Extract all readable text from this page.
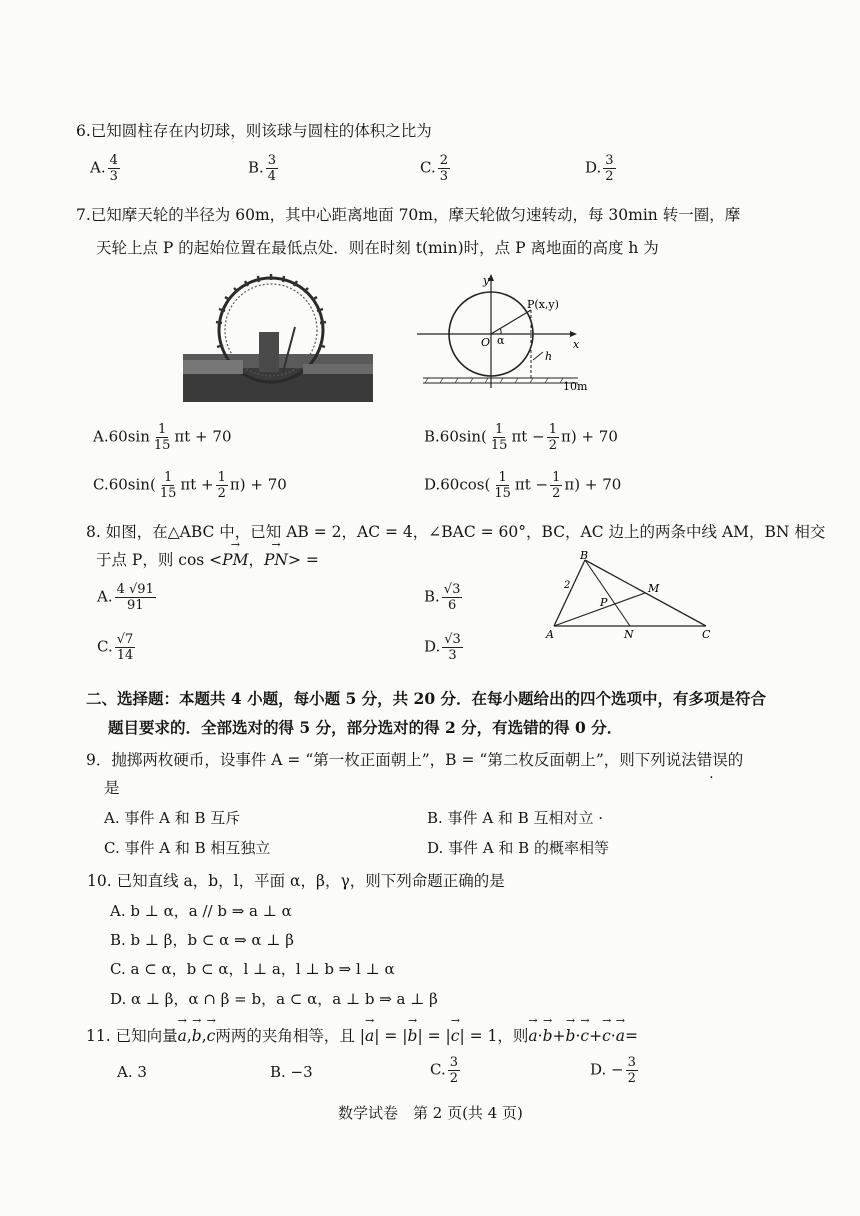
6.已知圆柱存在内切球，则该球与圆柱的体积之比为
A. $\frac{4}{3}$	B. $\frac{3}{4}$	C. $\frac{2}{3}$	D. $\frac{3}{2}$
7.已知摩天轮的半径为 60m，其中心距离地面 70m，摩天轮做匀速转动，每 30min 转一圈，摩
天轮上点 P 的起始位置在最低点处．则在时刻 t(min)时，点 P 离地面的高度 h 为
y
x
O α
P(x,y)
h
10m
$A.60\sin \frac{1}{15}$ πt + 70	$B.60\sin( \frac{1}{15}$ $\pi t - \frac{1}{2} \pi) + 70$
$C.60\sin( \frac{1}{15}$ $\pi t + \frac{1}{2} \pi) + 70$	$D.60\cos( \frac{1}{15}$ $\pi t - \frac{1}{2} \pi) + 70$
8. 如图，在△ABC 中，已知 AB = 2，AC = 4，∠BAC = 60°，BC，AC 边上的两条中线 AM，BN 相交
于点 P，则 cos <→ PM，→ PN> =	B
M
P
A	N	C
2
A. $\frac{4 √91}{91}$	B. $\frac{√3}{6}$
C. $\frac{√7}{14}$	D. $\frac{√3}{3}$
二、选择题：本题共 4 小题，每小题 5 分，共 20 分．在每小题给出的四个选项中，有多项是符合
题目要求的．全部选对的得 5 分，部分选对的得 2 分，有选错的得 0 分．
9．抛掷两枚硬币，设事件 A = “第一枚正面朝上”，B = “第二枚反面朝上”，则下列说法错误的
是
A. 事件 A 和 B 互斥	B. 事件 A 和 B 互相对立 ·
C. 事件 A 和 B 相互独立	D. 事件 A 和 B 的概率相等
10. 已知直线 a，b，l，平面 α，β，γ，则下列命题正确的是
A. b ⊥ α，a // b ⇒ a ⊥ α
B. b ⊥ β，b ⊂ α ⇒ α ⊥ β
C. a ⊂ α，b ⊂ α，l ⊥ a，l ⊥ b ⇒ l ⊥ α
D. α ⊥ β，α ∩ β = b，a ⊂ α，a ⊥ b ⇒ a ⊥ β
11. 已知向量→ a,→ b,→ c两两的夹角相等，且 |→ a| = |→ b| = |→ c| = 1，则→ a·→ b+→ b·→ c+→ c·→ a=
A. 3	B. −3	C. $\frac{3}{2}$	D. − $\frac{3}{2}$
数学试卷　第 2 页(共 4 页)
